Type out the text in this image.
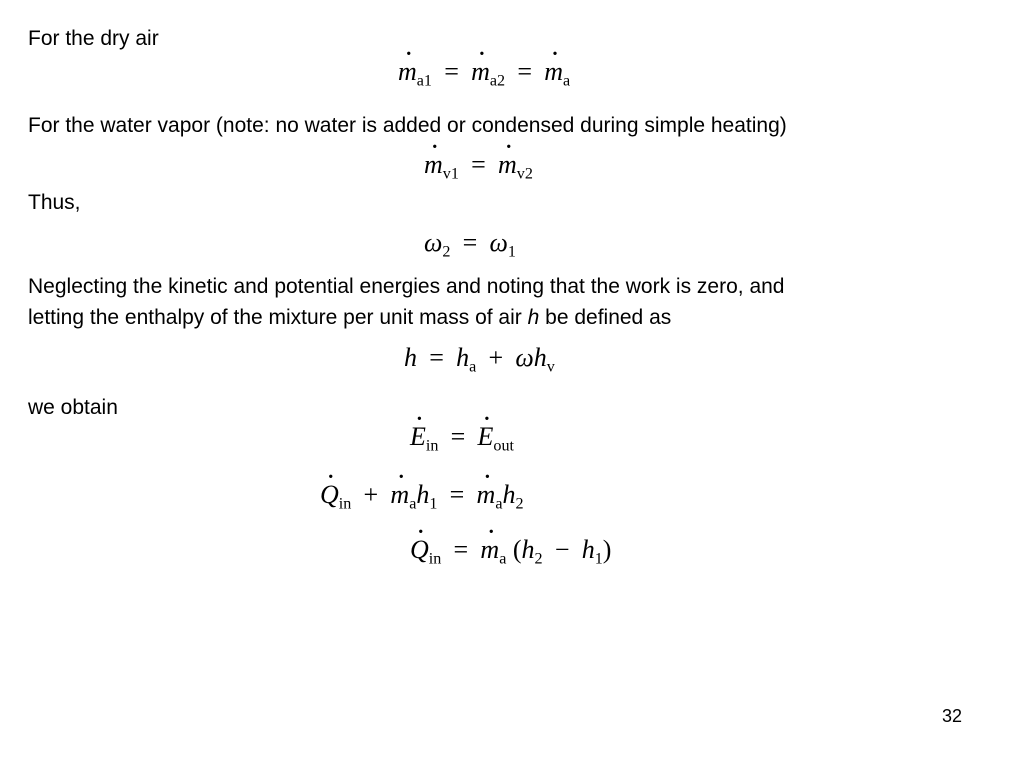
For the dry air
· $m_{a1}$ = · $m_{a2}$ = · $m_a$
For the water vapor (note: no water is added or condensed during simple heating)
· $m_{v1}$ = · $m_{v2}$
Thus,
$\omega_2 = \omega_1$
Neglecting the kinetic and potential energies and noting that the work is zero, and
letting the enthalpy of the mixture per unit mass of air h be defined as
$h = h_a + \omega h_v$
we obtain
· $E_{in}$ = · $E_{out}$
· $Q_{in}$ + · $m_ah_1$ = · $m_ah_2$
· $Q_{in}$ = · $m_a$ $(h_2 - h_1)$
32
